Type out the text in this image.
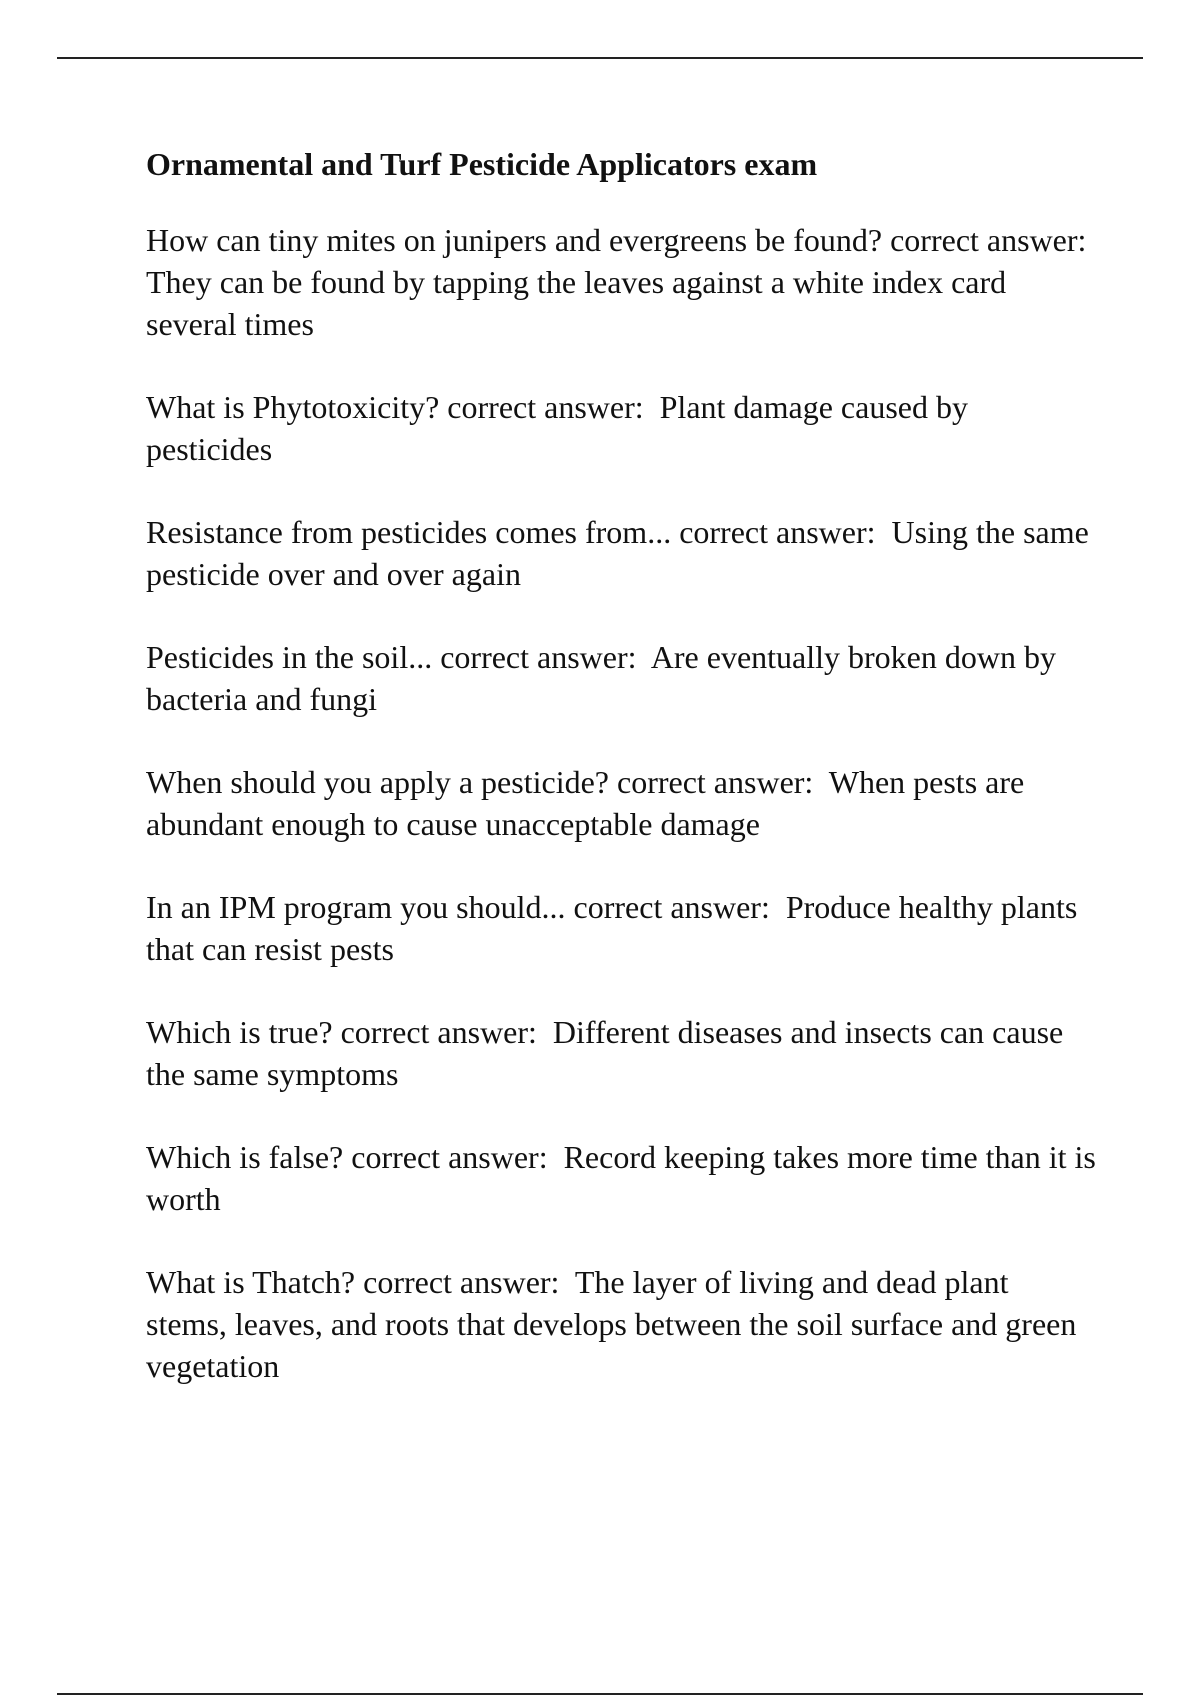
Ornamental and Turf Pesticide Applicators exam
How can tiny mites on junipers and evergreens be found? correct answer:  They can be found by tapping the leaves against a white index card several times
What is Phytotoxicity? correct answer:  Plant damage caused by pesticides
Resistance from pesticides comes from... correct answer:  Using the same pesticide over and over again
Pesticides in the soil... correct answer:  Are eventually broken down by bacteria and fungi
When should you apply a pesticide? correct answer:  When pests are abundant enough to cause unacceptable damage
In an IPM program you should... correct answer:  Produce healthy plants that can resist pests
Which is true? correct answer:  Different diseases and insects can cause the same symptoms
Which is false? correct answer:  Record keeping takes more time than it is worth
What is Thatch? correct answer:  The layer of living and dead plant stems, leaves, and roots that develops between the soil surface and green vegetation
